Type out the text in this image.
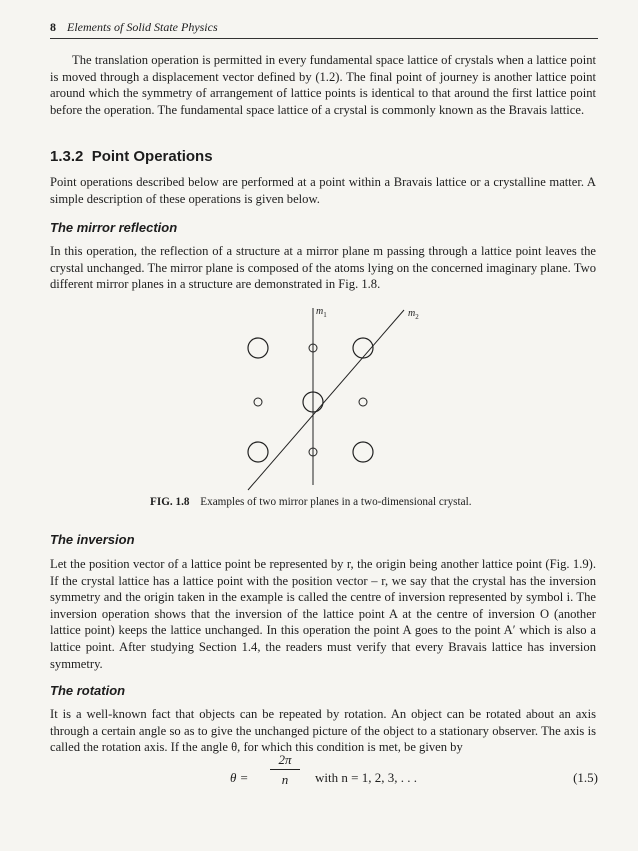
8 Elements of Solid State Physics

The translation operation is permitted in every fundamental space lattice of crystals when a lattice point is moved through a displacement vector defined by (1.2). The final point of journey is another lattice point around which the symmetry of arrangement of lattice points is identical to that around the first lattice point before the operation. The fundamental space lattice of a crystal is commonly known as the Bravais lattice.

1.3.2 Point Operations

Point operations described below are performed at a point within a Bravais lattice or a crystalline matter. A simple description of these operations is given below.

The mirror reflection

In this operation, the reflection of a structure at a mirror plane m passing through a lattice point leaves the crystal unchanged. The mirror plane is composed of the atoms lying on the concerned imaginary plane. Two different mirror planes in a structure are demonstrated in Fig. 1.8.

$m_1$	$m_2$
FIG. 1.8 Examples of two mirror planes in a two-dimensional crystal.
The inversion

Let the position vector of a lattice point be represented by r, the origin being another lattice point (Fig. 1.9). If the crystal lattice has a lattice point with the position vector – r, we say that the crystal has the inversion symmetry and the origin taken in the example is called the centre of inversion represented by symbol i. The inversion operation shows that the inversion of the lattice point A at the centre of inversion O (another lattice point) keeps the lattice unchanged. In this operation the point A goes to the point A′ which is also a lattice point. After studying Section 1.4, the readers must verify that every Bravais lattice has inversion symmetry.

The rotation

It is a well-known fact that objects can be repeated by rotation. An object can be rotated about an axis through a certain angle so as to give the unchanged picture of the object to a stationary observer. The axis is called the rotation axis. If the angle θ, for which this condition is met, be given by

$\theta = \frac{2\pi}{n}$ with n = 1, 2, 3, . . .	(1.5)
